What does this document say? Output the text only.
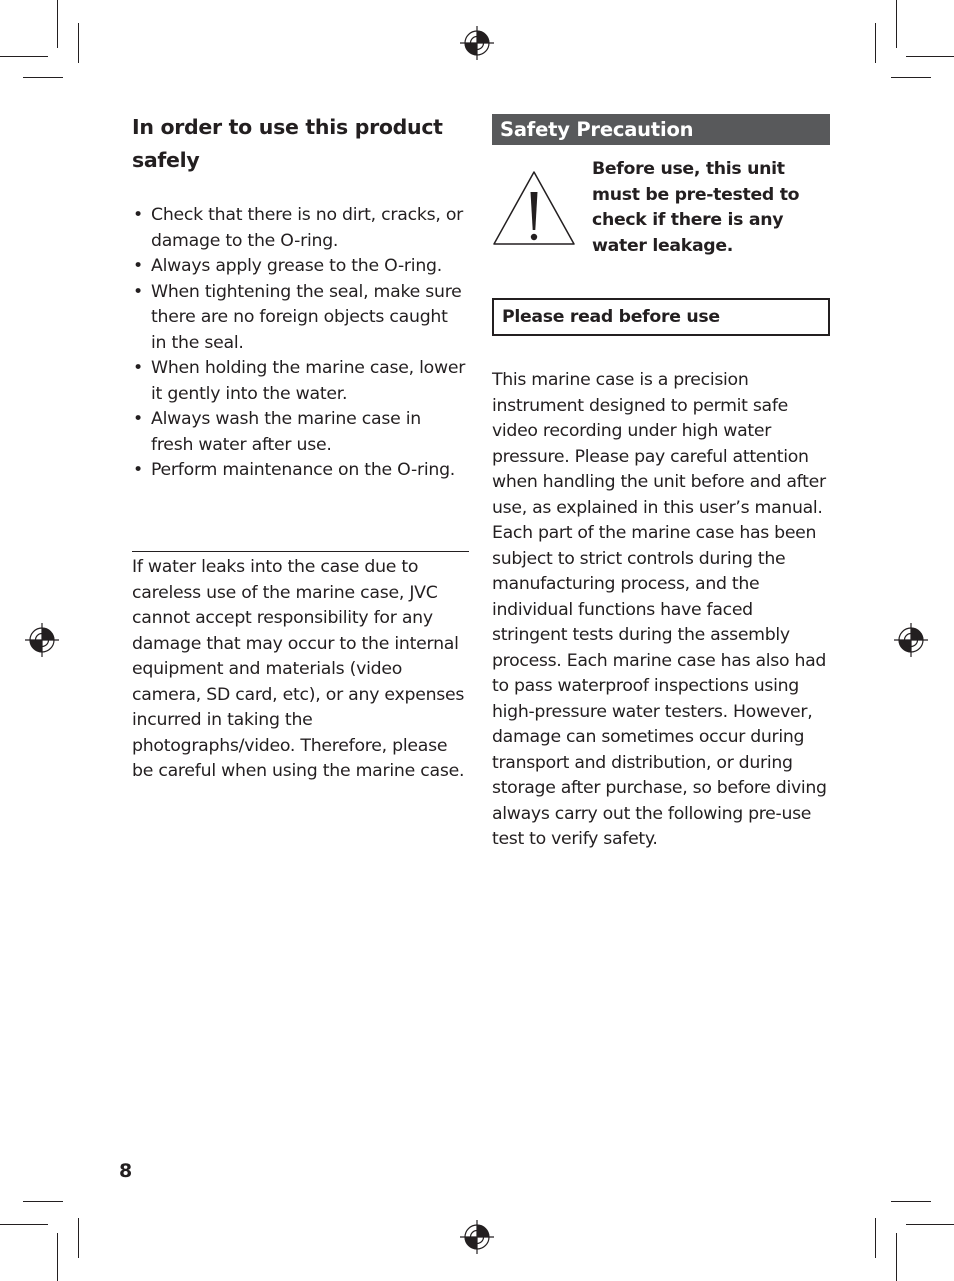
In order to use this product safely
• Check that there is no dirt, cracks, or damage to the O-ring.
• Always apply grease to the O-ring.
• When tightening the seal, make sure there are no foreign objects caught in the seal.
• When holding the marine case, lower it gently into the water.
• Always wash the marine case in fresh water after use.
• Perform maintenance on the O-ring.
If water leaks into the case due to careless use of the marine case, JVC cannot accept responsibility for any damage that may occur to the internal equipment and materials (video camera, SD card, etc), or any expenses incurred in taking the photographs/video. Therefore, please be careful when using the marine case.
Safety Precaution
Before use, this unit must be pre-tested to check if there is any water leakage.
Please read before use
This marine case is a precision instrument designed to permit safe video recording under high water pressure. Please pay careful attention when handling the unit before and after use, as explained in this user’s manual.
Each part of the marine case has been subject to strict controls during the manufacturing process, and the individual functions have faced stringent tests during the assembly process. Each marine case has also had to pass waterproof inspections using high-pressure water testers. However, damage can sometimes occur during transport and distribution, or during storage after purchase, so before diving always carry out the following pre-use test to verify safety.
8
